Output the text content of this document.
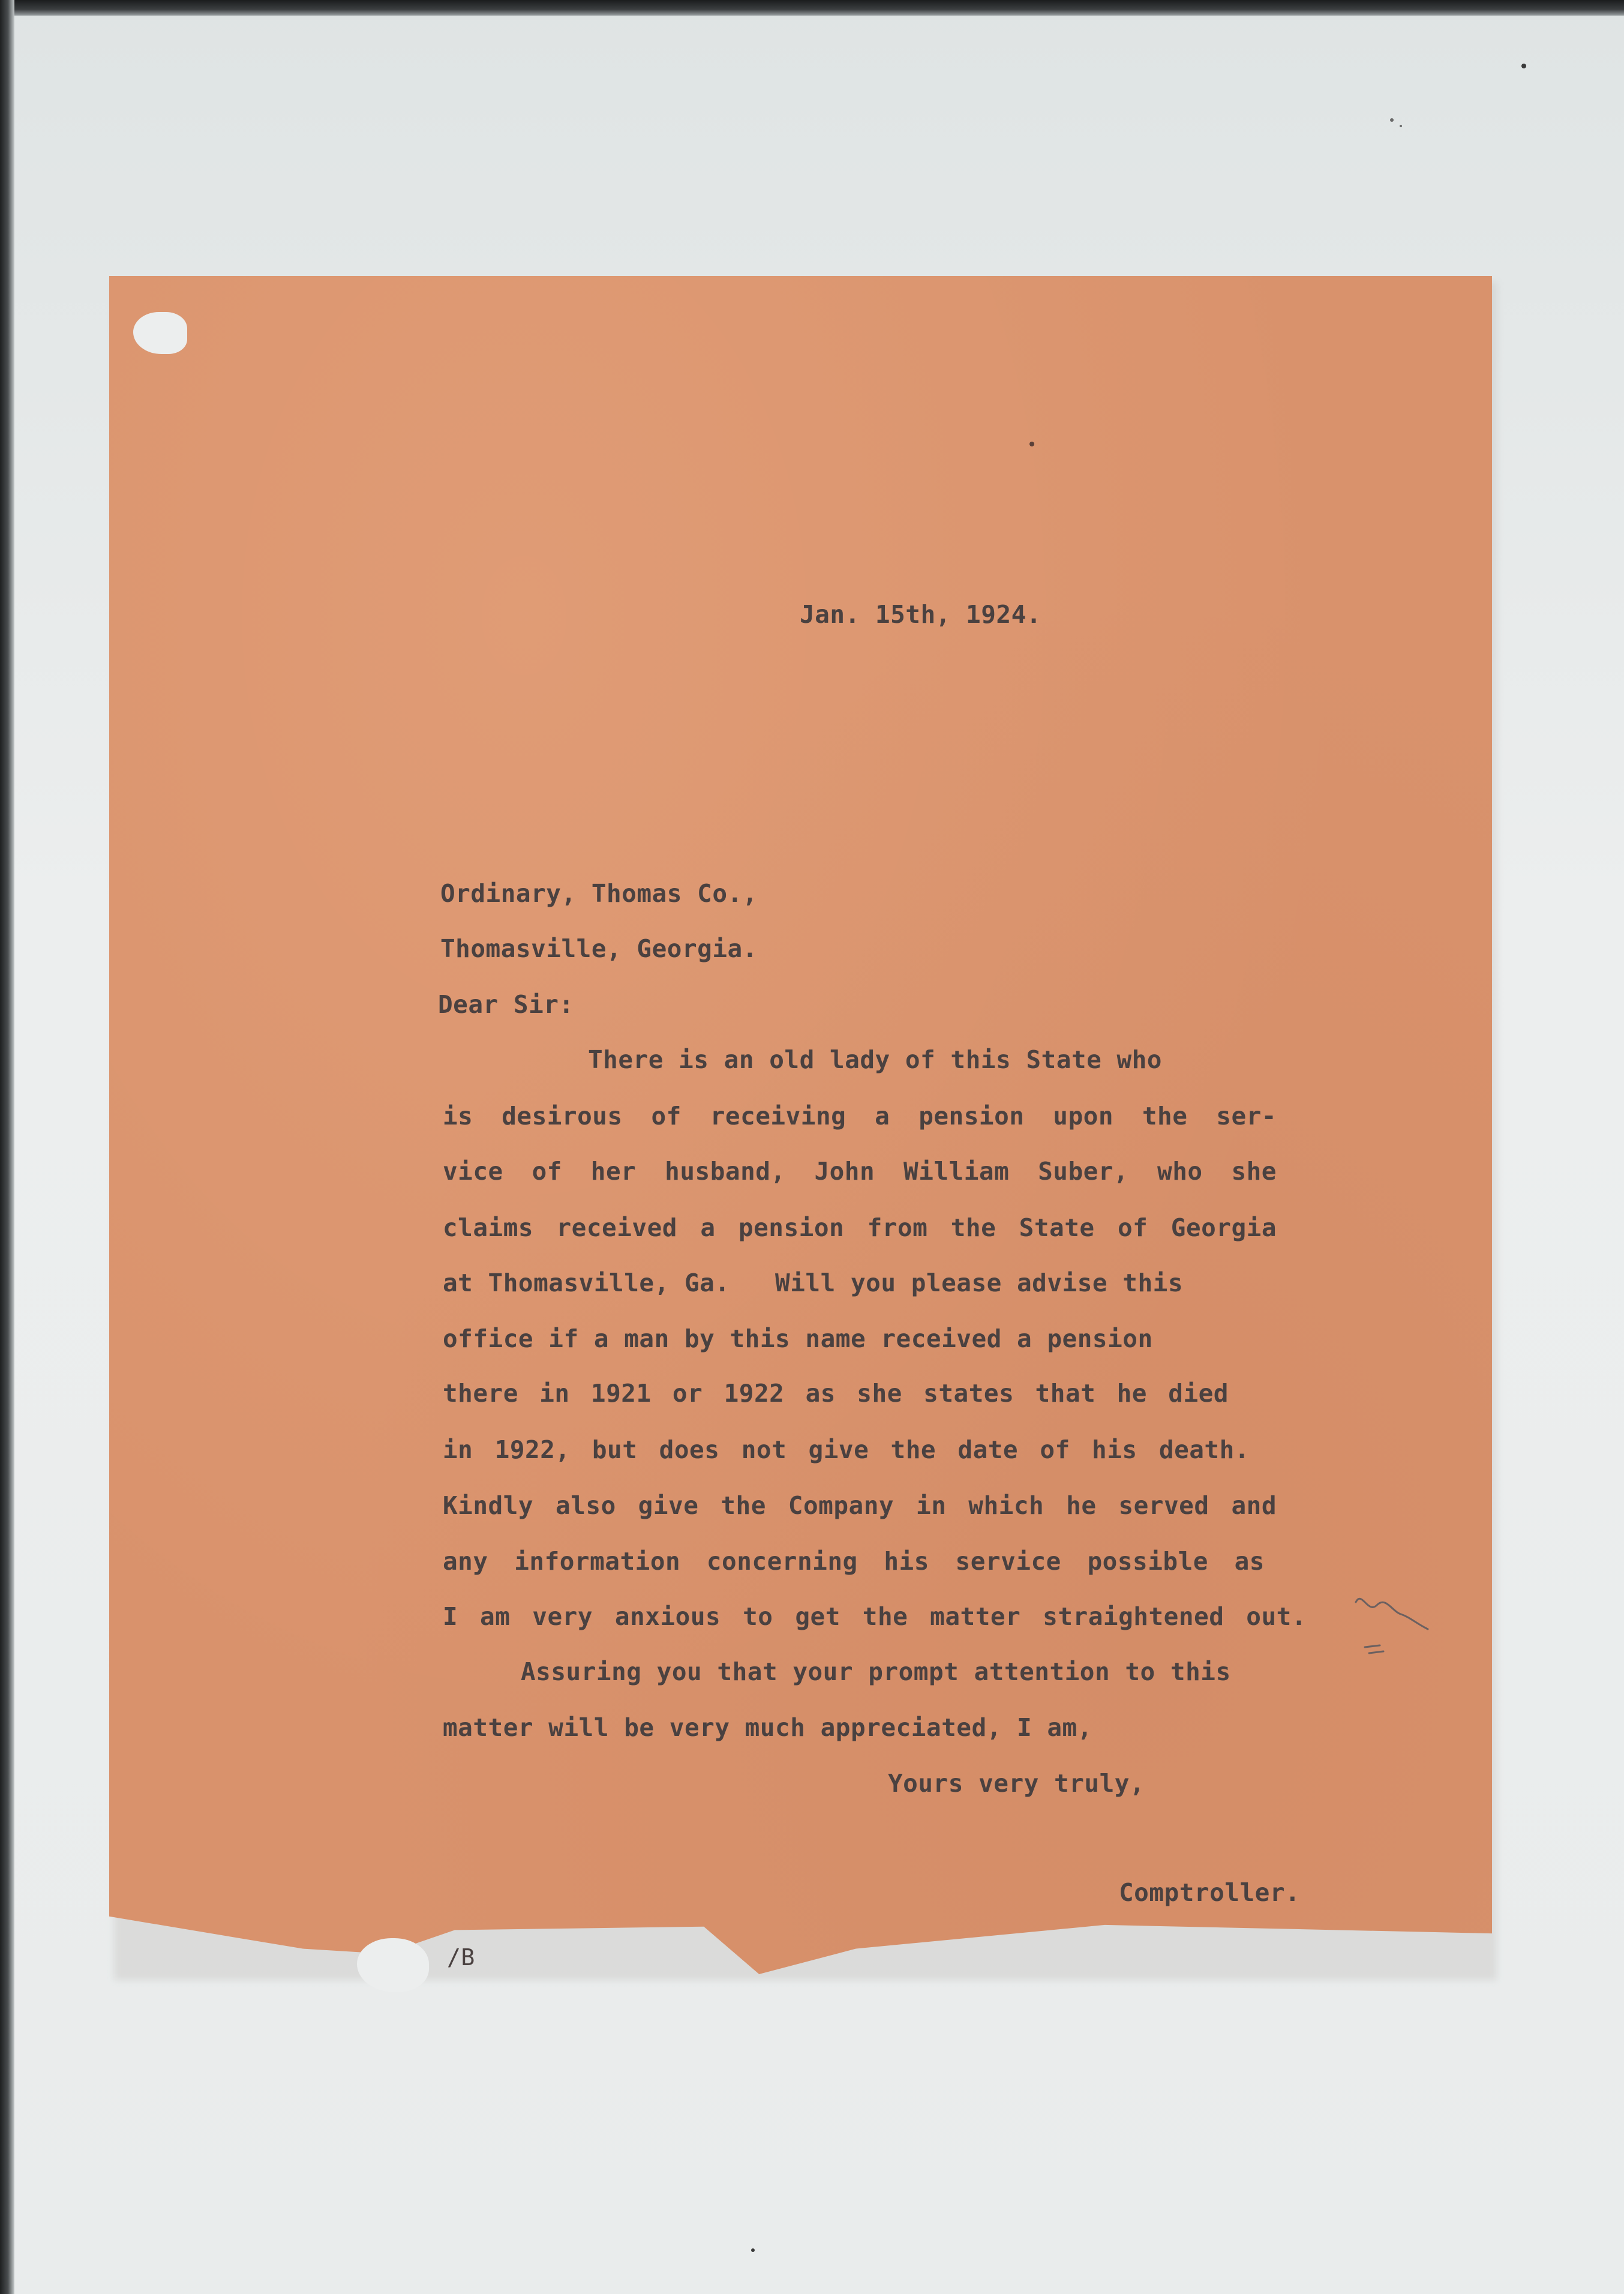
Jan. 15th, 1924.

Ordinary, Thomas Co.,

Thomasville, Georgia.

Dear Sir:

There is an old lady of this State who

is desirous of receiving a pension upon the ser-

vice of her husband, John William Suber, who she

claims received a pension from the State of Georgia

at Thomasville, Ga.   Will you please advise this

office if a man by this name received a pension

there in 1921 or 1922 as she states that he died

in 1922, but does not give the date of his death.

Kindly also give the Company in which he served and

any information concerning his service possible as

I am very anxious to get the matter straightened out.

Assuring you that your prompt attention to this

matter will be very much appreciated, I am,

Yours very truly,

Comptroller.

/B
